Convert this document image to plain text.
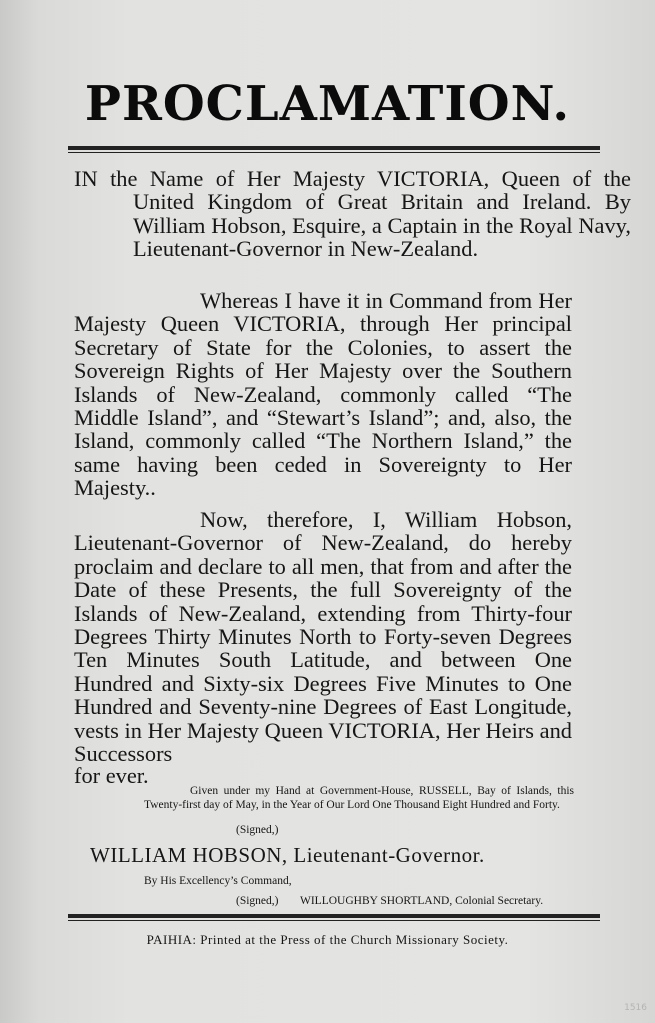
PROCLAMATION.
IN the Name of Her Majesty VICTORIA, Queen of the United Kingdom of Great Britain and Ireland. By William Hobson, Esquire, a Captain in the Royal Navy, Lieutenant-Governor in New-Zealand.
Whereas I have it in Command from Her Majesty Queen VICTORIA, through Her principal Secretary of State for the Colonies, to assert the Sovereign Rights of Her Majesty over the Southern Islands of New-Zealand, commonly called “The Middle Island”, and “Stewart’s Island”; and, also, the Island, commonly called “The Northern Island,” the same having been ceded in Sovereignty to Her Majesty..
Now, therefore, I, William Hobson, Lieutenant-Governor of New-Zealand, do hereby proclaim and declare to all men, that from and after the Date of these Presents, the full Sovereignty of the Islands of New-Zealand, extending from Thirty-four Degrees Thirty Minutes North to Forty-seven Degrees Ten Minutes South Latitude, and between One Hundred and Sixty-six Degrees Five Minutes to One Hundred and Seventy-nine Degrees of East Longitude, vests in Her Majesty Queen VICTORIA, Her Heirs and Successors
for ever.
Given under my Hand at Government-House, RUSSELL, Bay of Islands, this Twenty-first day of May, in the Year of Our Lord One Thousand Eight Hundred and Forty.
(Signed,)
WILLIAM HOBSON, Lieutenant-Governor.
By His Excellency’s Command,
(Signed,) WILLOUGHBY SHORTLAND, Colonial Secretary.
PAIHIA: Printed at the Press of the Church Missionary Society.
1516
